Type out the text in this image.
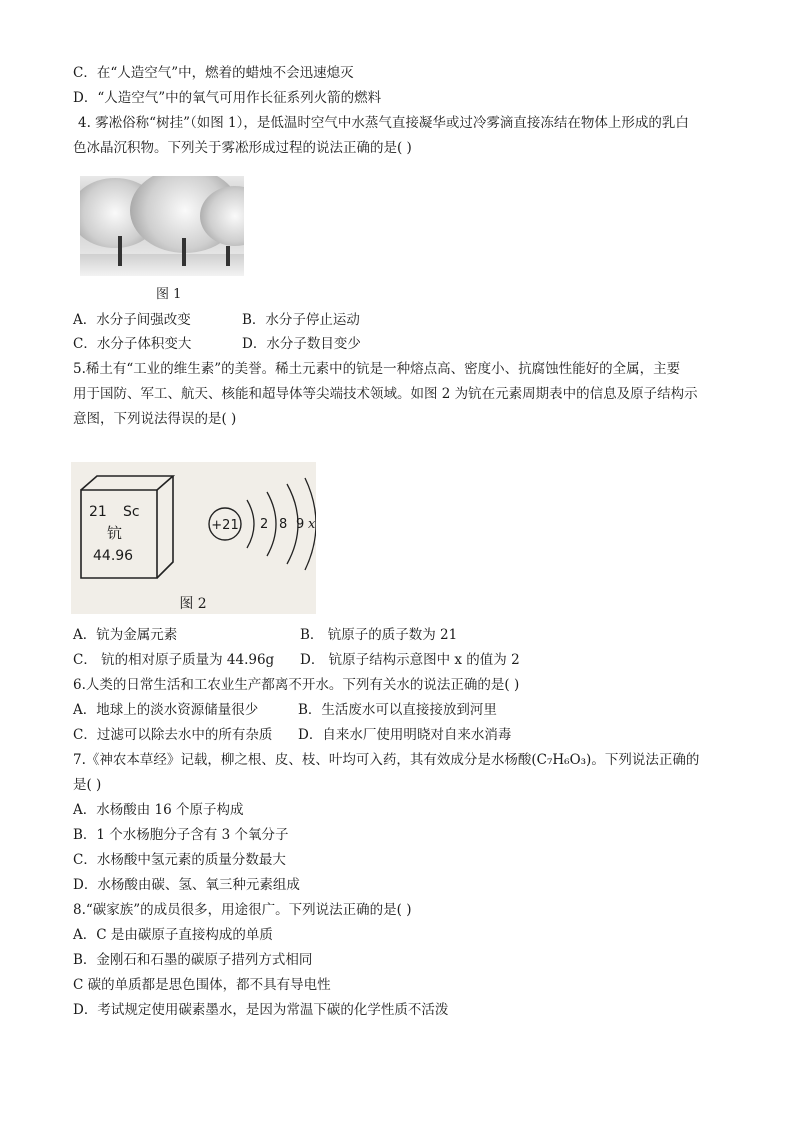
C．在“人造空气”中，燃着的蜡烛不会迅速熄灭
D．“人造空气”中的氧气可用作长征系列火箭的燃料
4. 雾凇俗称“树挂”（如图 1），是低温时空气中水蒸气直接凝华或过冷雾滴直接冻结在物体上形成的乳白
色冰晶沉积物。下列关于雾凇形成过程的说法正确的是( )
图 1
A．水分子间强改变	B．水分子停止运动
C．水分子体积变大	D．水分子数目变少
5.稀土有“工业的维生素”的美誉。稀土元素中的钪是一种熔点高、密度小、抗腐蚀性能好的全属，主要
用于国防、军工、航天、核能和超导体等尖端技术领域。如图 2 为钪在元素周期表中的信息及原子结构示
意图，下列说法得误的是( )
21 Sc
钪
44.96
+21 2 8 9 x
图 2
A．钪为金属元素	B． 钪原子的质子数为 21
C． 钪的相对原子质量为 44.96g D． 钪原子结构示意图中 x 的值为 2
6.人类的日常生活和工农业生产都离不开水。下列有关水的说法正确的是( )
A．地球上的淡水资源储量很少	B．生活废水可以直接接放到河里
C．过滤可以除去水中的所有杂质 D．自来水厂使用明晓对自来水消毒
7.《神农本草经》记载，柳之根、皮、枝、叶均可入药，其有效成分是水杨酸(C₇H₆O₃)。下列说法正确的
是( )
A．水杨酸由 16 个原子构成
B．1 个水杨胞分子含有 3 个氧分子
C．水杨酸中氢元素的质量分数最大
D．水杨酸由碳、氢、氧三种元素组成
8.“碳家族”的成员很多，用途很广。下列说法正确的是( )
A．C 是由碳原子直接构成的单质
B．金刚石和石墨的碳原子措列方式相同
C 碳的单质都是思色围体，都不具有导电性
D．考试规定使用碳素墨水，是因为常温下碳的化学性质不活泼
